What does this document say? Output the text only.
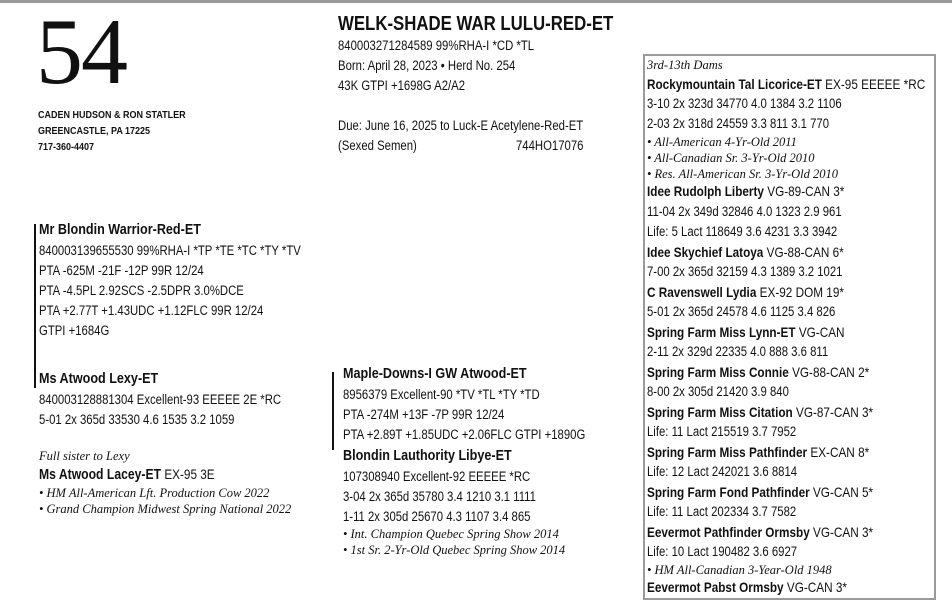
54
CADEN HUDSON & RON STATLER
GREENCASTLE, PA 17225
717-360-4407
WELK-SHADE WAR LULU-RED-ET
840003271284589 99%RHA-I *CD *TL
Born: April 28, 2023 • Herd No. 254
43K GTPI +1698G A2/A2
Due: June 16, 2025 to Luck-E Acetylene-Red-ET
(Sexed Semen)	744HO17076
Mr Blondin Warrior-Red-ET
840003139655530 99%RHA-I *TP *TE *TC *TY *TV
PTA -625M -21F -12P 99R 12/24
PTA -4.5PL 2.92SCS -2.5DPR 3.0%DCE
PTA +2.77T +1.43UDC +1.12FLC 99R 12/24
GTPI +1684G
Ms Atwood Lexy-ET
840003128881304 Excellent-93 EEEEE 2E *RC
5-01 2x 365d 33530 4.6 1535 3.2 1059
Full sister to Lexy
Ms Atwood Lacey-ET EX-95 3E
• HM All-American Lft. Production Cow 2022
• Grand Champion Midwest Spring National 2022
Maple-Downs-I GW Atwood-ET
8956379 Excellent-90 *TV *TL *TY *TD
PTA -274M +13F -7P 99R 12/24
PTA +2.89T +1.85UDC +2.06FLC GTPI +1890G
Blondin Lauthority Libye-ET
107308940 Excellent-92 EEEEE *RC
3-04 2x 365d 35780 3.4 1210 3.1 1111
1-11 2x 305d 25670 4.3 1107 3.4 865
• Int. Champion Quebec Spring Show 2014
• 1st Sr. 2-Yr-Old Quebec Spring Show 2014
3rd-13th Dams
Rockymountain Tal Licorice-ET EX-95 EEEEE *RC
3-10 2x 323d 34770 4.0 1384 3.2 1106
2-03 2x 318d 24559 3.3 811 3.1 770
• All-American 4-Yr-Old 2011
• All-Canadian Sr. 3-Yr-Old 2010
• Res. All-American Sr. 3-Yr-Old 2010
Idee Rudolph Liberty VG-89-CAN 3*
11-04 2x 349d 32846 4.0 1323 2.9 961
Life: 5 Lact 118649 3.6 4231 3.3 3942
Idee Skychief Latoya VG-88-CAN 6*
7-00 2x 365d 32159 4.3 1389 3.2 1021
C Ravenswell Lydia EX-92 DOM 19*
5-01 2x 365d 24578 4.6 1125 3.4 826
Spring Farm Miss Lynn-ET VG-CAN
2-11 2x 329d 22335 4.0 888 3.6 811
Spring Farm Miss Connie VG-88-CAN 2*
8-00 2x 305d 21420 3.9 840
Spring Farm Miss Citation VG-87-CAN 3*
Life: 11 Lact 215519 3.7 7952
Spring Farm Miss Pathfinder EX-CAN 8*
Life: 12 Lact 242021 3.6 8814
Spring Farm Fond Pathfinder VG-CAN 5*
Life: 11 Lact 202334 3.7 7582
Eevermot Pathfinder Ormsby VG-CAN 3*
Life: 10 Lact 190482 3.6 6927
• HM All-Canadian 3-Year-Old 1948
Eevermot Pabst Ormsby VG-CAN 3*
